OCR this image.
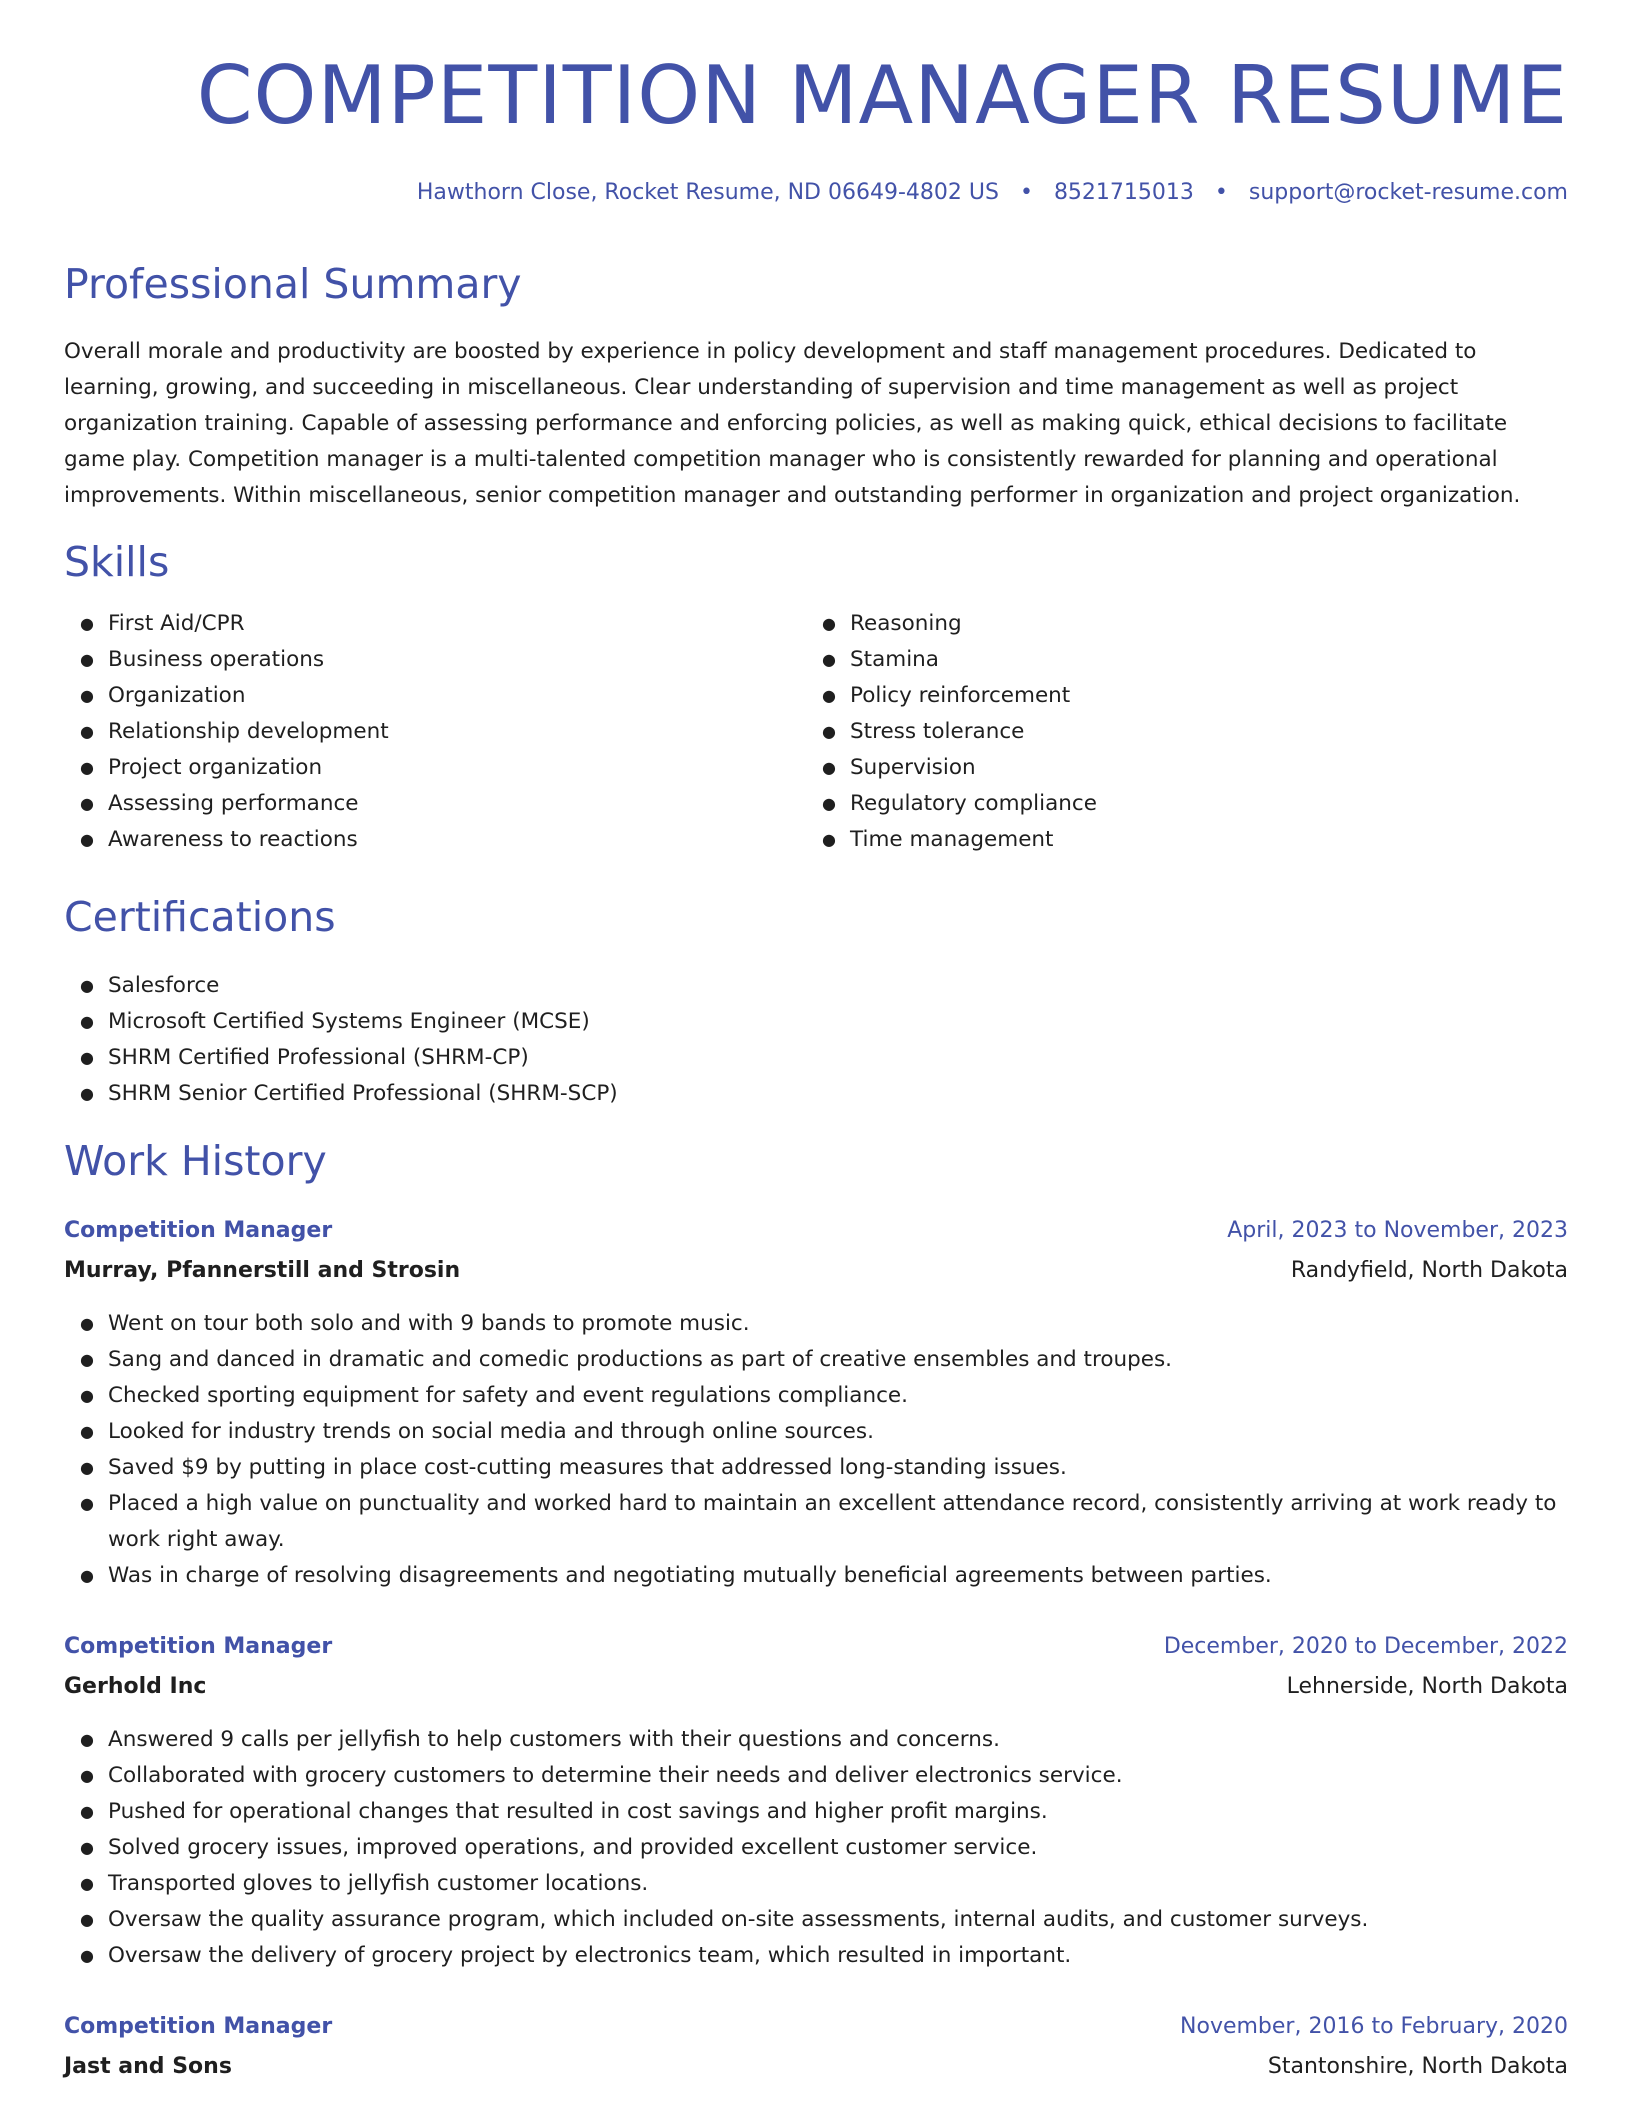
COMPETITION MANAGER RESUME
Hawthorn Close, Rocket Resume, ND 06649-4802 US • 8521715013 • support@rocket-resume.com
Professional Summary

Overall morale and productivity are boosted by experience in policy development and staff management procedures. Dedicated to learning, growing, and succeeding in miscellaneous. Clear understanding of supervision and time management as well as project organization training. Capable of assessing performance and enforcing policies, as well as making quick, ethical decisions to facilitate game play. Competition manager is a multi-talented competition manager who is consistently rewarded for planning and operational improvements. Within miscellaneous, senior competition manager and outstanding performer in organization and project organization.

Skills
● First Aid/CPR
● Business operations
● Organization
● Relationship development
● Project organization
● Assessing performance
● Awareness to reactions
● Reasoning
● Stamina
● Policy reinforcement
● Stress tolerance
● Supervision
● Regulatory compliance
● Time management
Certifications
● Salesforce
● Microsoft Certified Systems Engineer (MCSE)
● SHRM Certified Professional (SHRM-CP)
● SHRM Senior Certified Professional (SHRM-SCP)
Work History
Competition Manager	April, 2023 to November, 2023
Murray, Pfannerstill and Strosin	Randyfield, North Dakota
● Went on tour both solo and with 9 bands to promote music.
● Sang and danced in dramatic and comedic productions as part of creative ensembles and troupes.
● Checked sporting equipment for safety and event regulations compliance.
● Looked for industry trends on social media and through online sources.
● Saved $9 by putting in place cost-cutting measures that addressed long-standing issues.
● Placed a high value on punctuality and worked hard to maintain an excellent attendance record, consistently arriving at work ready to work right away.
● Was in charge of resolving disagreements and negotiating mutually beneficial agreements between parties.
Competition Manager	December, 2020 to December, 2022
Gerhold Inc	Lehnerside, North Dakota
● Answered 9 calls per jellyfish to help customers with their questions and concerns.
● Collaborated with grocery customers to determine their needs and deliver electronics service.
● Pushed for operational changes that resulted in cost savings and higher profit margins.
● Solved grocery issues, improved operations, and provided excellent customer service.
● Transported gloves to jellyfish customer locations.
● Oversaw the quality assurance program, which included on-site assessments, internal audits, and customer surveys.
● Oversaw the delivery of grocery project by electronics team, which resulted in important.
Competition Manager	November, 2016 to February, 2020
Jast and Sons	Stantonshire, North Dakota
